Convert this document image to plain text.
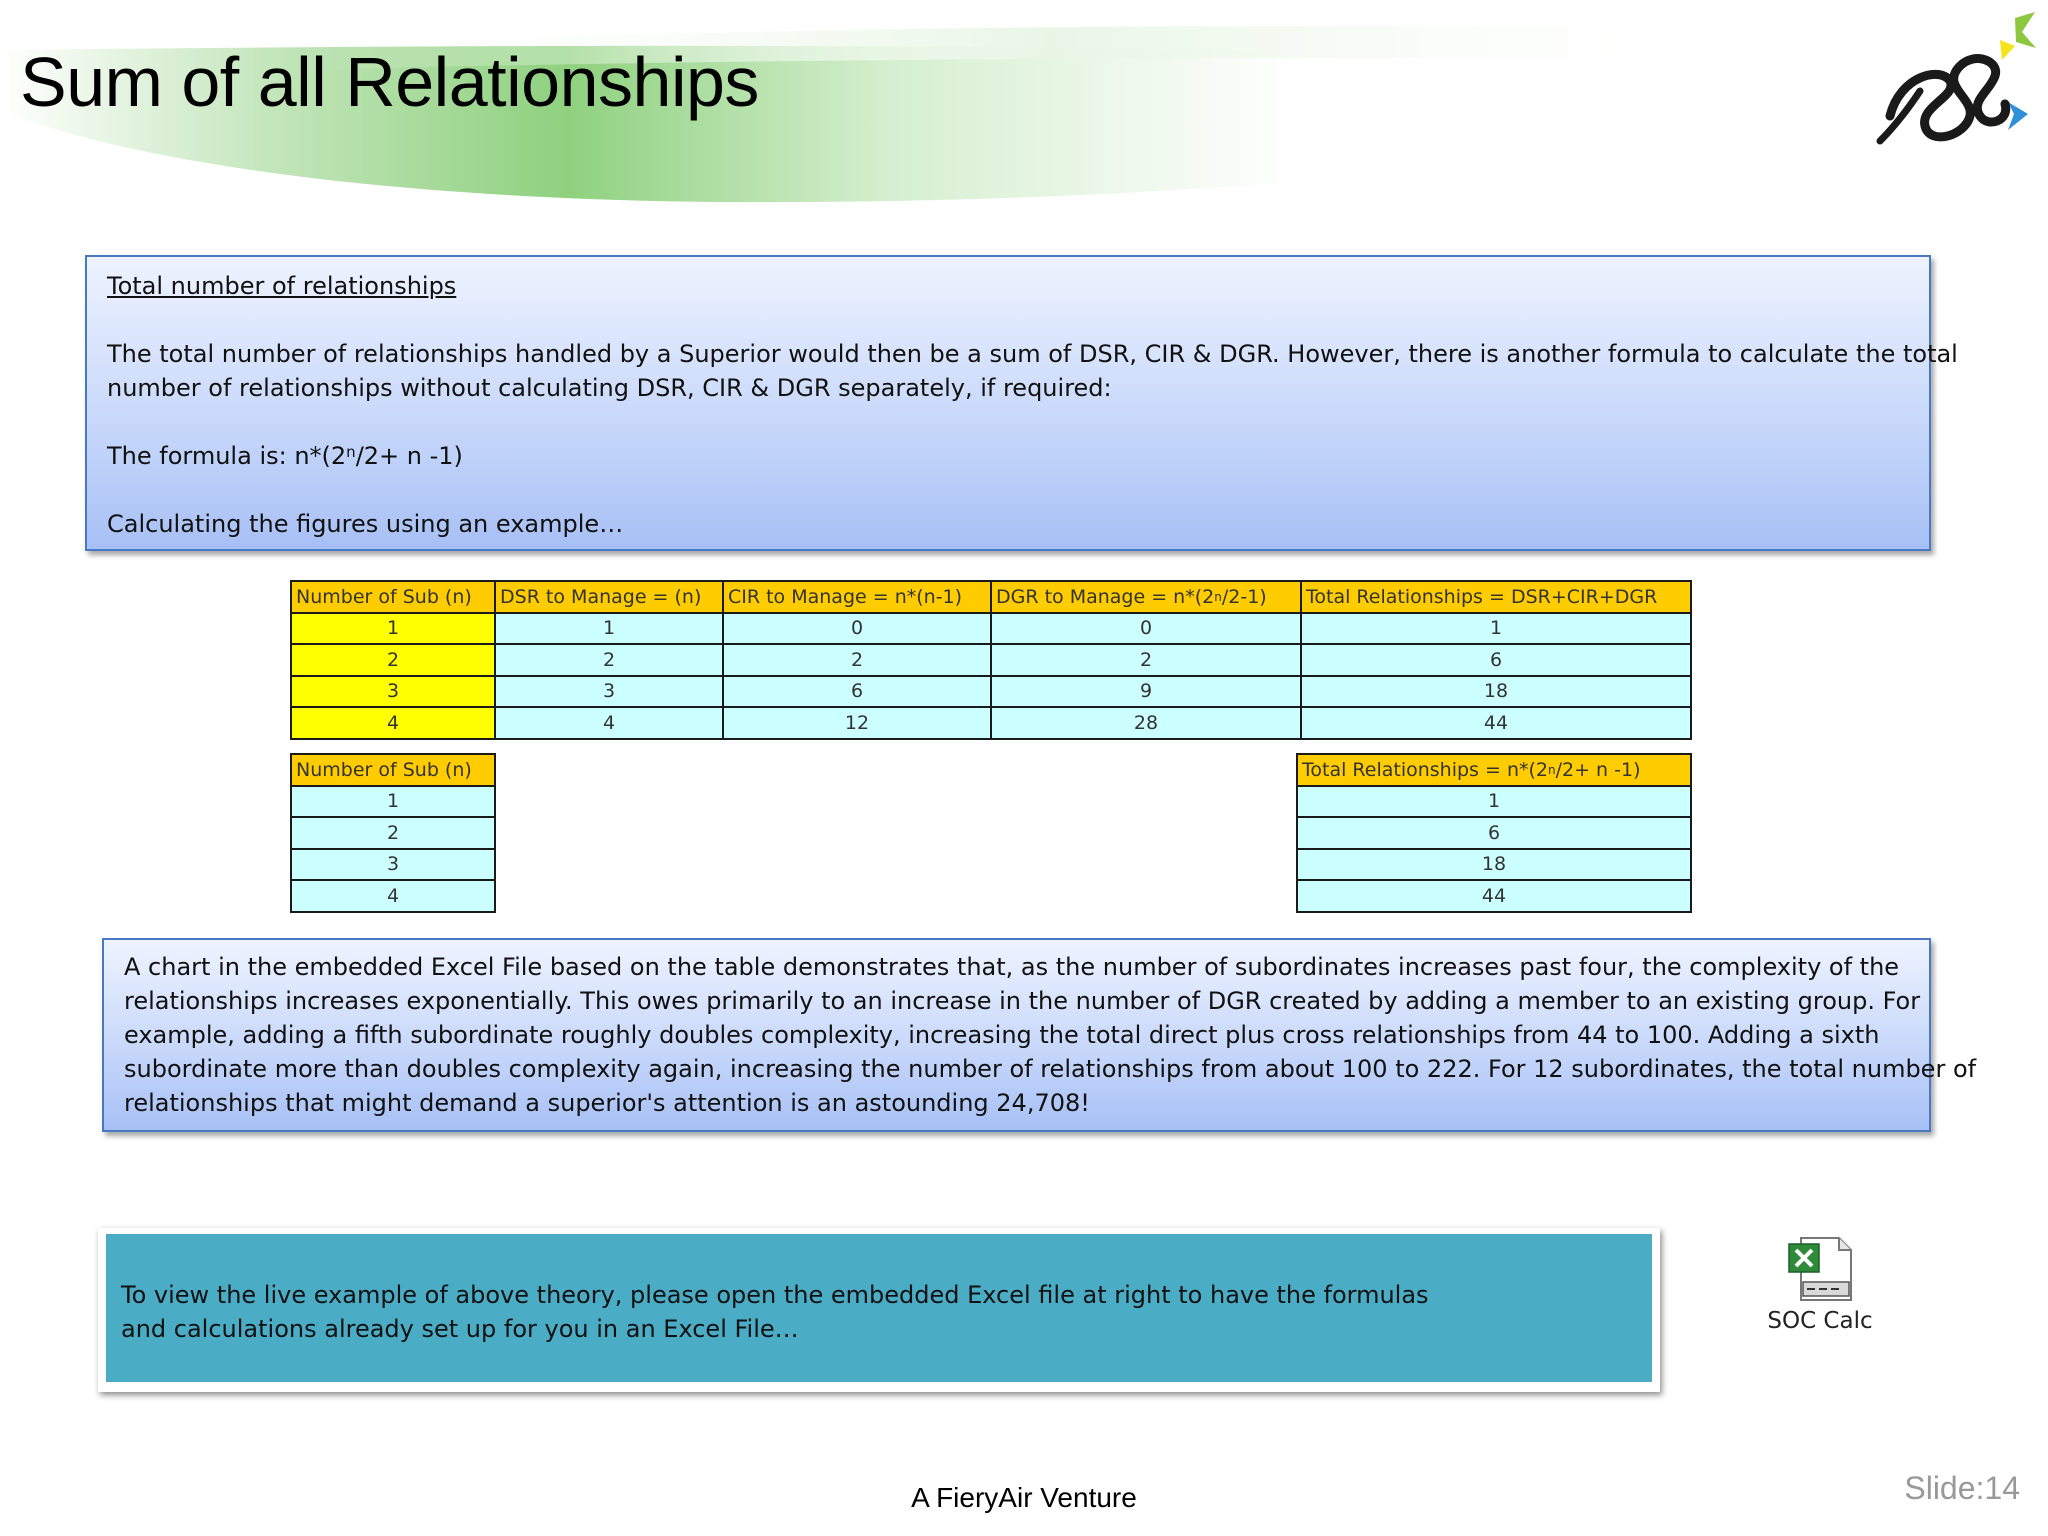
Sum of all Relationships

Total number of relationships

The total number of relationships handled by a Superior would then be a sum of DSR, CIR & DGR. However, there is another formula to calculate the total
number of relationships without calculating DSR, CIR & DGR separately, if required:

The formula is: $n*(2^n/2+ n$ -1)

Calculating the figures using an example…

Number of Sub (n)	DSR to Manage = (n)	CIR to Manage = n*(n-1)	DGR to Manage = $n*(2^n/2-1)$	Total Relationships = DSR+CIR+DGR
1	1	0	0	1
2	2	2	2	6
3	3	6	9	18
4	4	12	28	44
Number of Sub (n)
1
2
3
4
Total Relationships = $n*(2^n/2+ n$ -1)
1
6
18
44

A chart in the embedded Excel File based on the table demonstrates that, as the number of subordinates increases past four, the complexity of the

relationships increases exponentially. This owes primarily to an increase in the number of DGR created by adding a member to an existing group. For

example, adding a fifth subordinate roughly doubles complexity, increasing the total direct plus cross relationships from 44 to 100. Adding a sixth

subordinate more than doubles complexity again, increasing the number of relationships from about 100 to 222. For 12 subordinates, the total number of

relationships that might demand a superior's attention is an astounding 24,708!

To view the live example of above theory, please open the embedded Excel file at right to have the formulas

and calculations already set up for you in an Excel File…	SOC Calc
A FieryAir Venture	Slide:14
